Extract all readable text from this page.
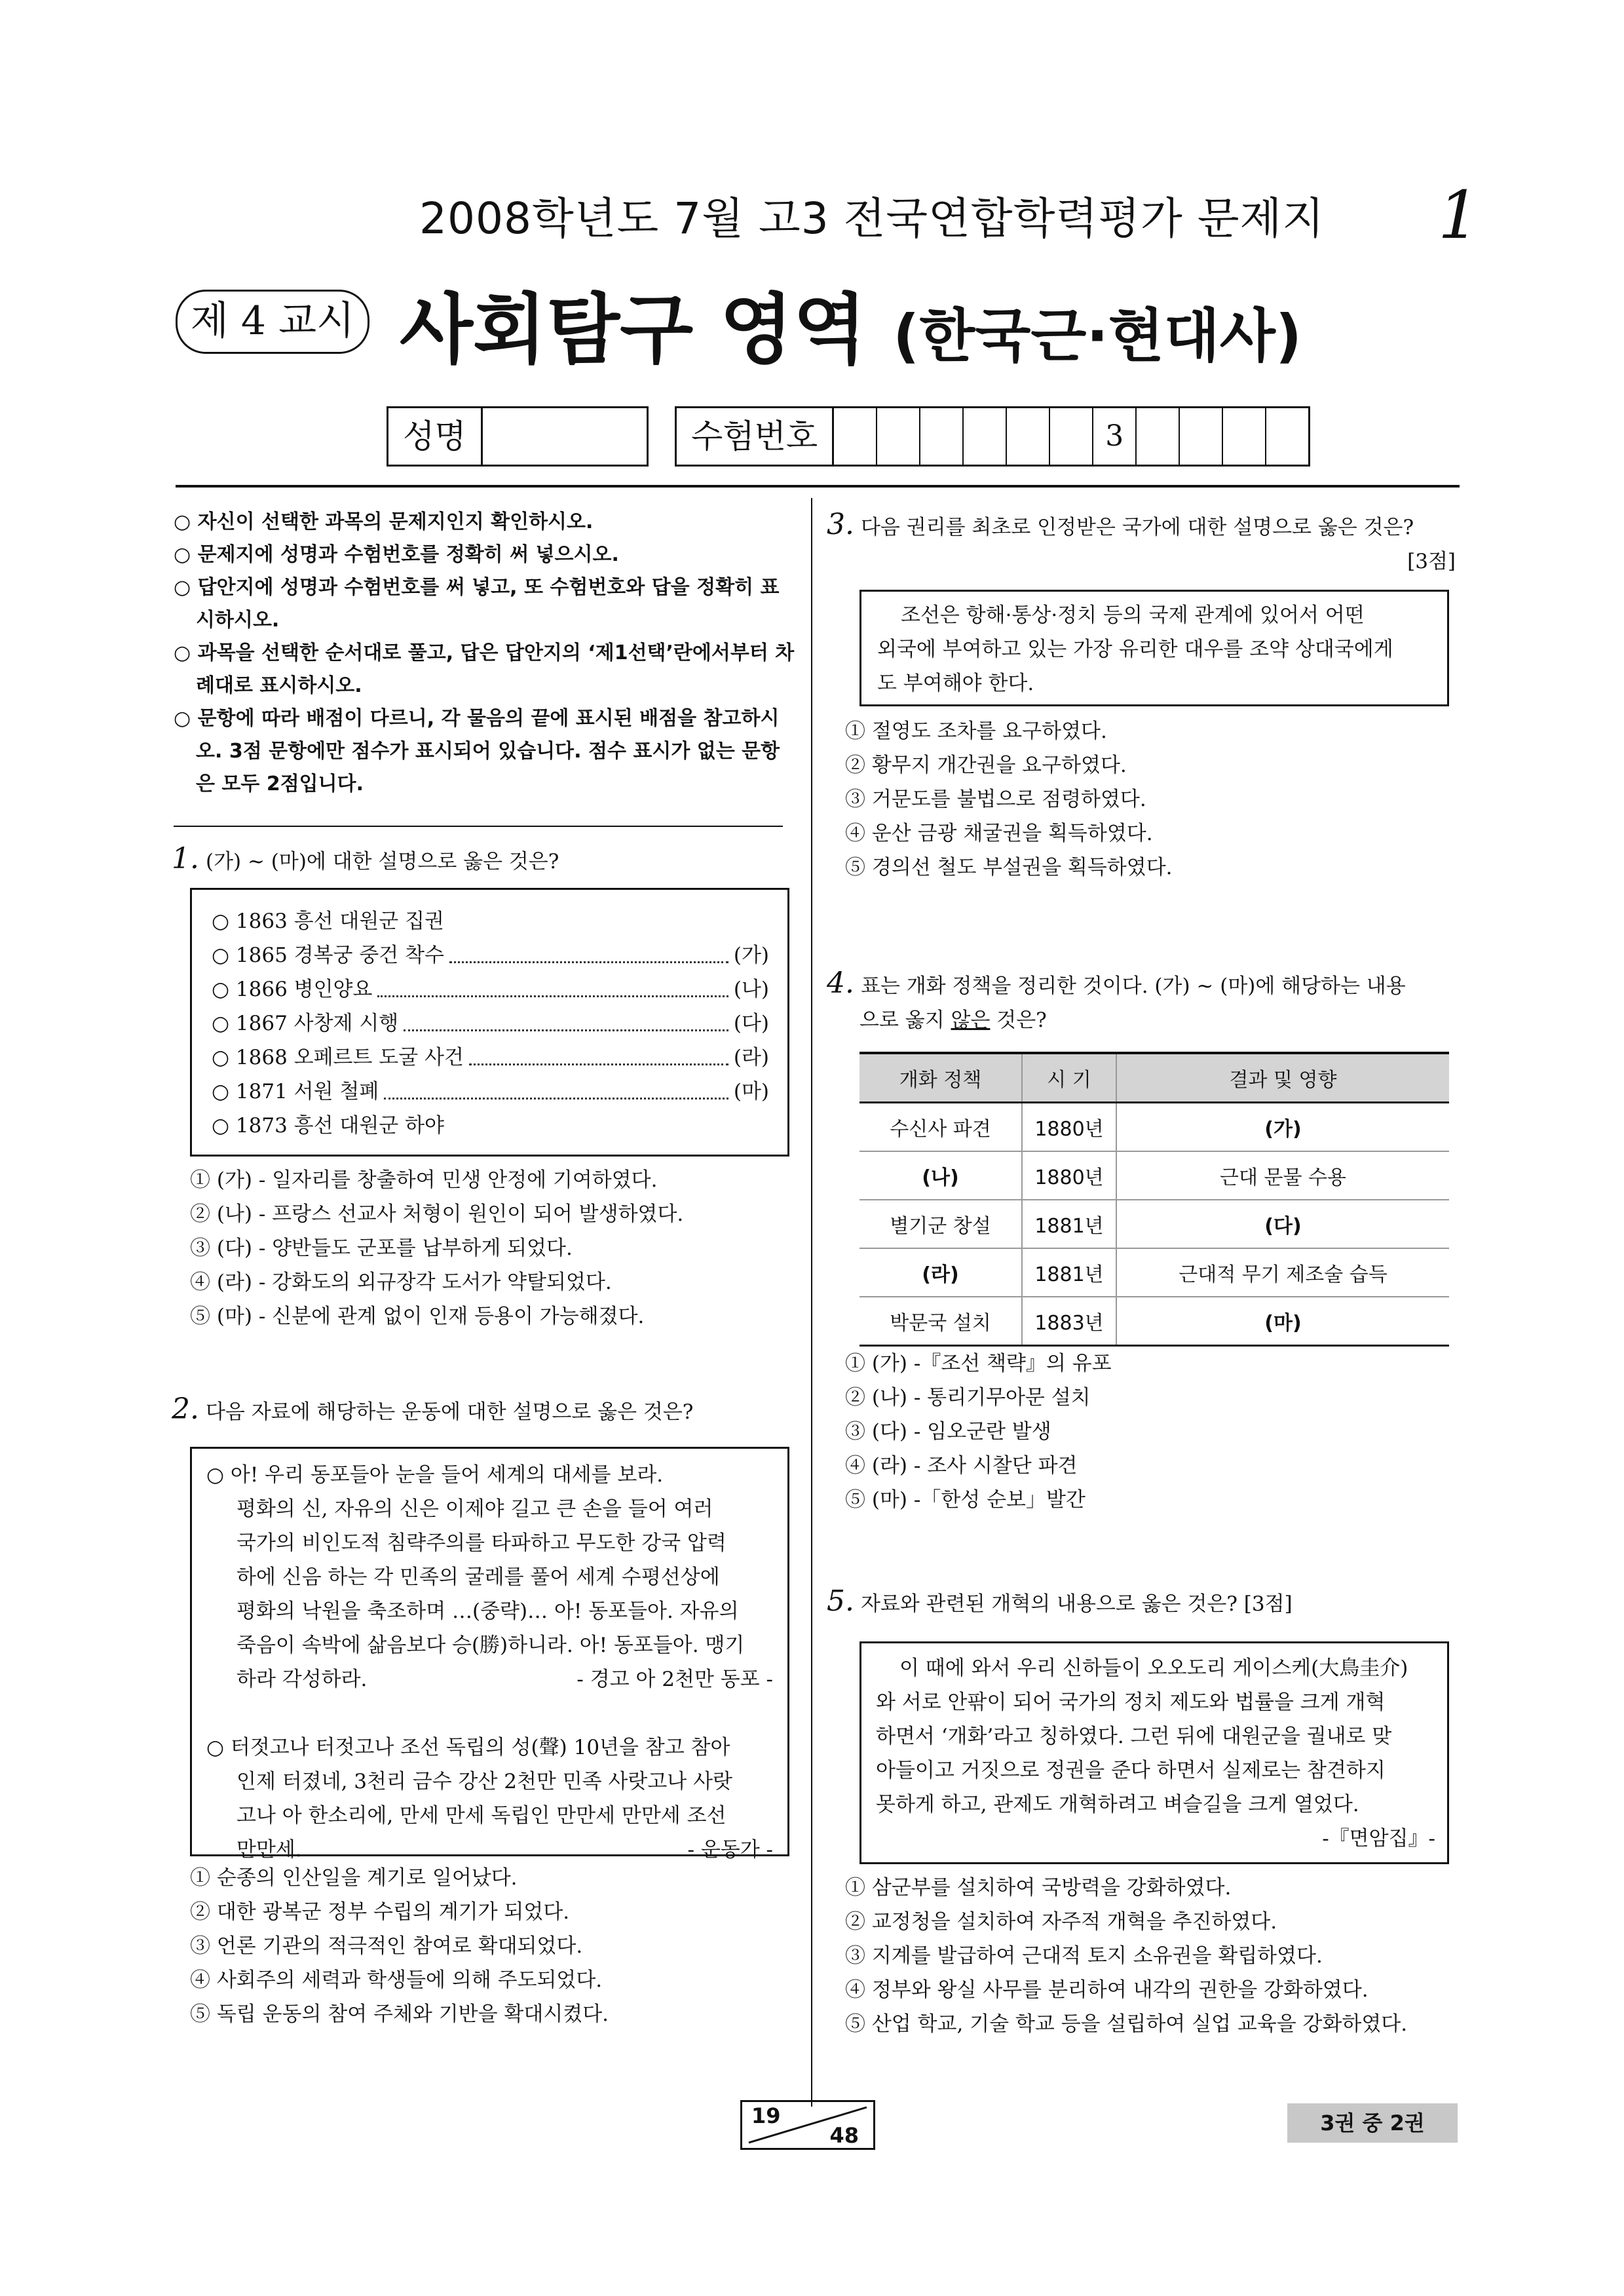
2008학년도 7월 고3 전국연합학력평가 문제지 1
제 4 교시 사회탐구 영역 (한국근·현대사)
성명	수험번호	3

○ 자신이 선택한 과목의 문제지인지 확인하시오.

○ 문제지에 성명과 수험번호를 정확히 써 넣으시오.

○ 답안지에 성명과 수험번호를 써 넣고, 또 수험번호와 답을 정확히 표시하시오.

○ 과목을 선택한 순서대로 풀고, 답은 답안지의 ‘제1선택’란에서부터 차례대로 표시하시오.

○ 문항에 따라 배점이 다르니, 각 물음의 끝에 표시된 배점을 참고하시오. 3점 문항에만 점수가 표시되어 있습니다. 점수 표시가 없는 문항은 모두 2점입니다.

1. (가) ~ (마)에 대한 설명으로 옳은 것은?
○ 1863 흥선 대원군 집권
○ 1865 경복궁 중건 착수	(가)
○ 1866 병인양요	(나)
○ 1867 사창제 시행	(다)
○ 1868 오페르트 도굴 사건	(라)
○ 1871 서원 철폐	(마)
○ 1873 흥선 대원군 하야
① (가) - 일자리를 창출하여 민생 안정에 기여하였다.
② (나) - 프랑스 선교사 처형이 원인이 되어 발생하였다.
③ (다) - 양반들도 군포를 납부하게 되었다.
④ (라) - 강화도의 외규장각 도서가 약탈되었다.
⑤ (마) - 신분에 관계 없이 인재 등용이 가능해졌다.
2. 다음 자료에 해당하는 운동에 대한 설명으로 옳은 것은?
○ 아! 우리 동포들아 눈을 들어 세계의 대세를 보라.
평화의 신, 자유의 신은 이제야 길고 큰 손을 들어 여러
국가의 비인도적 침략주의를 타파하고 무도한 강국 압력
하에 신음 하는 각 민족의 굴레를 풀어 세계 수평선상에
평화의 낙원을 축조하며 …(중략)… 아! 동포들아. 자유의
죽음이 속박에 삶음보다 승(勝)하니라. 아! 동포들아. 맹기
하라 각성하라.	- 경고 아 2천만 동포 -
○ 터젓고나 터젓고나 조선 독립의 성(聲) 10년을 참고 참아
인제 터졌네, 3천리 금수 강산 2천만 민족 사랏고나 사랏
고나 아 한소리에, 만세 만세 독립인 만만세 만만세 조선
만만세.	- 운동가 -
① 순종의 인산일을 계기로 일어났다.
② 대한 광복군 정부 수립의 계기가 되었다.
③ 언론 기관의 적극적인 참여로 확대되었다.
④ 사회주의 세력과 학생들에 의해 주도되었다.
⑤ 독립 운동의 참여 주체와 기반을 확대시켰다.
3. 다음 권리를 최초로 인정받은 국가에 대한 설명으로 옳은 것은?
[3점]
조선은 항해·통상·정치 등의 국제 관계에 있어서 어떤
외국에 부여하고 있는 가장 유리한 대우를 조약 상대국에게
도 부여해야 한다.
① 절영도 조차를 요구하였다.
② 황무지 개간권을 요구하였다.
③ 거문도를 불법으로 점령하였다.
④ 운산 금광 채굴권을 획득하였다.
⑤ 경의선 철도 부설권을 획득하였다.
4. 표는 개화 정책을 정리한 것이다. (가) ~ (마)에 해당하는 내용
으로 옳지 않은 것은?
개화 정책	시 기	결과 및 영향
수신사 파견	1880년	(가)
(나)	1880년	근대 문물 수용
별기군 창설	1881년	(다)
(라)	1881년	근대적 무기 제조술 습득
박문국 설치	1883년	(마)
① (가) -『조선 책략』의 유포
② (나) - 통리기무아문 설치
③ (다) - 임오군란 발생
④ (라) - 조사 시찰단 파견
⑤ (마) -「한성 순보」발간
5. 자료와 관련된 개혁의 내용으로 옳은 것은? [3점]
이 때에 와서 우리 신하들이 오오도리 게이스케(大鳥圭介)
와 서로 안팎이 되어 국가의 정치 제도와 법률을 크게 개혁
하면서 ‘개화’라고 칭하였다. 그런 뒤에 대원군을 궐내로 맞
아들이고 거짓으로 정권을 준다 하면서 실제로는 참견하지
못하게 하고, 관제도 개혁하려고 벼슬길을 크게 열었다.
-『면암집』-
① 삼군부를 설치하여 국방력을 강화하였다.
② 교정청을 설치하여 자주적 개혁을 추진하였다.
③ 지계를 발급하여 근대적 토지 소유권을 확립하였다.
④ 정부와 왕실 사무를 분리하여 내각의 권한을 강화하였다.
⑤ 산업 학교, 기술 학교 등을 설립하여 실업 교육을 강화하였다.
19
48	3권 중 2권
